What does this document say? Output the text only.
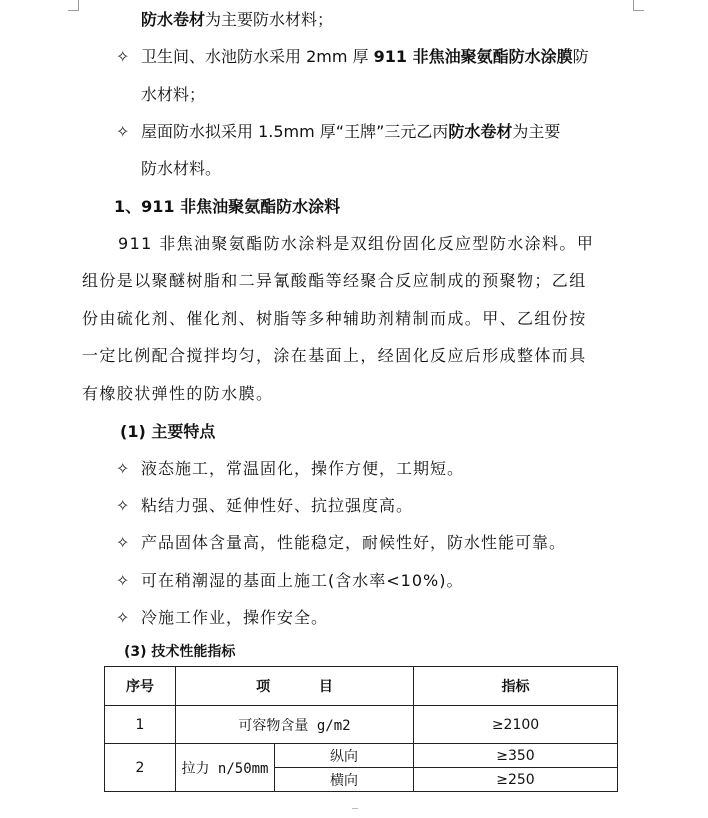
防水卷材为主要防水材料；
✧ 卫生间、水池防水采用 2mm 厚 911 非焦油聚氨酯防水涂膜防
水材料；
✧ 屋面防水拟采用 1.5mm 厚“王牌”三元乙丙防水卷材为主要
防水材料。
1、911 非焦油聚氨酯防水涂料
911 非焦油聚氨酯防水涂料是双组份固化反应型防水涂料。甲
组份是以聚醚树脂和二异氰酸酯等经聚合反应制成的预聚物；乙组
份由硫化剂、催化剂、树脂等多种辅助剂精制而成。甲、乙组份按
一定比例配合搅拌均匀，涂在基面上，经固化反应后形成整体而具
有橡胶状弹性的防水膜。
(1) 主要特点
✧ 液态施工，常温固化，操作方便，工期短。
✧ 粘结力强、延伸性好、抗拉强度高。
✧ 产品固体含量高，性能稳定，耐候性好，防水性能可靠。
✧ 可在稍潮湿的基面上施工(含水率<10%)。
✧ 冷施工作业，操作安全。
(3) 技术性能指标
序号	项          目		指标
1	可容物含量 g/m2		≥2100
2	拉力 n/50mm	纵向	≥350
		横向	≥250
